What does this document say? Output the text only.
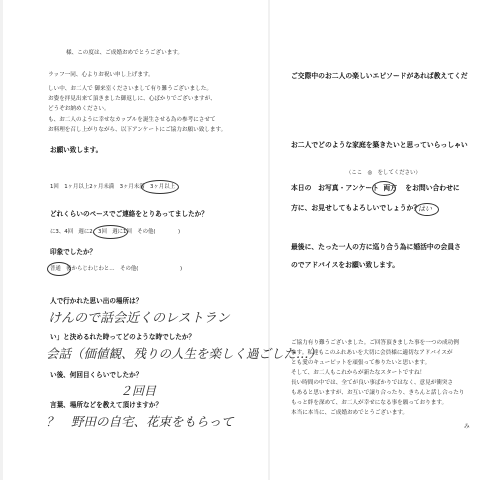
様、この度は、ご成婚おめでとうございます。
ラッフ一同、心よりお祝い申し上げます。
しい中、お二人で 御来室くださいまして有り難うございました。
お姿を拝見出来て頂きました御返しに、心ばかりでございますが、
どうぞお納めください。
も、お二人のように幸せなカップルを誕生させる為の参考にさせて
お料理を召し上がりながら、以下アンケートにご協力お願い致します。
お願い致します。
1回　1ヶ月以上2ヶ月未満　3ヶ月未満　3ヶ月以上
どれくらいのペースでご連絡をとりあってましたか？
に3、4回　週に2、3回　週に1回　その他(	)
印象でしたか？
普通　後からじわじわと…　その他(	)
人で行かれた思い出の場所は？
けんので話会近くのレストラン
い」と決めるれた時ってどのような時でしたか？
会話（価値観、残りの人生を楽しく過ごした…）
い後、何回目くらいでしたか？
２回目
言葉、場所などを教えて頂けますか？
？　野田の自宅、花束をもらって
ご交際中のお二人の楽しいエピソードがあれば教えてくだ
お二人でどのような家庭を築きたいと思っていらっしゃい
（ここ　◎　をしてください）
本日の　お写真・アンケート 両方 をお問い合わせに
方に、お見せしてもよろしいでしょうか？
はい
最後に、たった一人の方に巡り合う為に婚活中の会員さ
のでアドバイスをお願い致します。
ご協力有り難うございました。ご回答頂きました事を一つの成功例
ます。私達もこのふれあいを大切に会員様に適切なアドバイスが
とも愛のキューピットを頑張って参りたいと思います。
そして、お二人もこれからが新たなスタートですね！
長い時間の中では、全てが良い事ばかりではなく、意見が衝突さ
もあると思いますが、お互いで譲り合ったり、きちんと話し合ったり
もっと絆を深めて、お二人が幸せになる事を願っております。
本当に本当に、ご成婚おめでとうございます。
み
